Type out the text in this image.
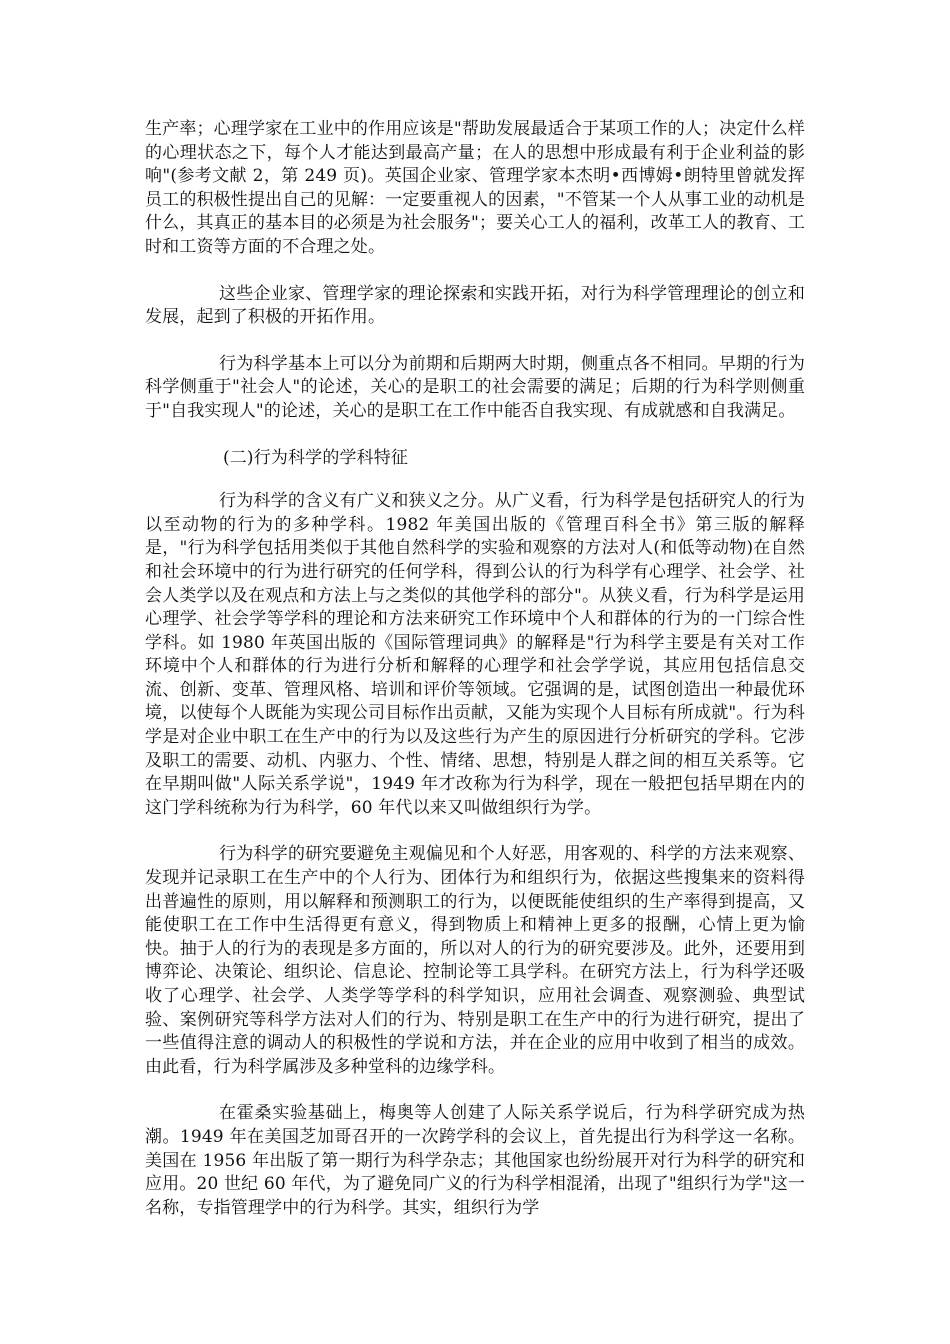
生产率；心理学家在工业中的作用应该是"帮助发展最适合于某项工作的人；决定什么样的心理状态之下，每个人才能达到最高产量；在人的思想中形成最有利于企业利益的影响"(参考文献 2，第 249 页)。英国企业家、管理学家本杰明•西博姆•朗特里曾就发挥员工的积极性提出自己的见解：一定要重视人的因素，"不管某一个人从事工业的动机是什么，其真正的基本目的必须是为社会服务"；要关心工人的福利，改革工人的教育、工时和工资等方面的不合理之处。

这些企业家、管理学家的理论探索和实践开拓，对行为科学管理理论的创立和发展，起到了积极的开拓作用。

行为科学基本上可以分为前期和后期两大时期，侧重点各不相同。早期的行为科学侧重于"社会人"的论述，关心的是职工的社会需要的满足；后期的行为科学则侧重于"自我实现人"的论述，关心的是职工在工作中能否自我实现、有成就感和自我满足。

(二)行为科学的学科特征

行为科学的含义有广义和狭义之分。从广义看，行为科学是包括研究人的行为以至动物的行为的多种学科。1982 年美国出版的《管理百科全书》第三版的解释是，"行为科学包括用类似于其他自然科学的实验和观察的方法对人(和低等动物)在自然和社会环境中的行为进行研究的任何学科，得到公认的行为科学有心理学、社会学、社会人类学以及在观点和方法上与之类似的其他学科的部分"。从狭义看，行为科学是运用心理学、社会学等学科的理论和方法来研究工作环境中个人和群体的行为的一门综合性学科。如 1980 年英国出版的《国际管理词典》的解释是"行为科学主要是有关对工作环境中个人和群体的行为进行分析和解释的心理学和社会学学说，其应用包括信息交流、创新、变革、管理风格、培训和评价等领域。它强调的是，试图创造出一种最优环境，以使每个人既能为实现公司目标作出贡献，又能为实现个人目标有所成就"。行为科学是对企业中职工在生产中的行为以及这些行为产生的原因进行分析研究的学科。它涉及职工的需要、动机、内驱力、个性、情绪、思想，特别是人群之间的相互关系等。它在早期叫做"人际关系学说"，1949 年才改称为行为科学，现在一般把包括早期在内的这门学科统称为行为科学，60 年代以来又叫做组织行为学。

行为科学的研究要避免主观偏见和个人好恶，用客观的、科学的方法来观察、发现并记录职工在生产中的个人行为、团体行为和组织行为，依据这些搜集来的资料得出普遍性的原则，用以解释和预测职工的行为，以便既能使组织的生产率得到提高，又能使职工在工作中生活得更有意义，得到物质上和精神上更多的报酬，心情上更为愉快。抽于人的行为的表现是多方面的，所以对人的行为的研究要涉及。此外，还要用到博弈论、决策论、组织论、信息论、控制论等工具学科。在研究方法上，行为科学还吸收了心理学、社会学、人类学等学科的科学知识，应用社会调查、观察测验、典型试验、案例研究等科学方法对人们的行为、特别是职工在生产中的行为进行研究，提出了一些值得注意的调动人的积极性的学说和方法，并在企业的应用中收到了相当的成效。由此看，行为科学属涉及多种堂科的边缘学科。

在霍桑实验基础上，梅奥等人创建了人际关系学说后，行为科学研究成为热潮。1949 年在美国芝加哥召开的一次跨学科的会议上，首先提出行为科学这一名称。美国在 1956 年出版了第一期行为科学杂志；其他国家也纷纷展开对行为科学的研究和应用。20 世纪 60 年代，为了避免同广义的行为科学相混淆，出现了"组织行为学"这一名称，专指管理学中的行为科学。其实，组织行为学
